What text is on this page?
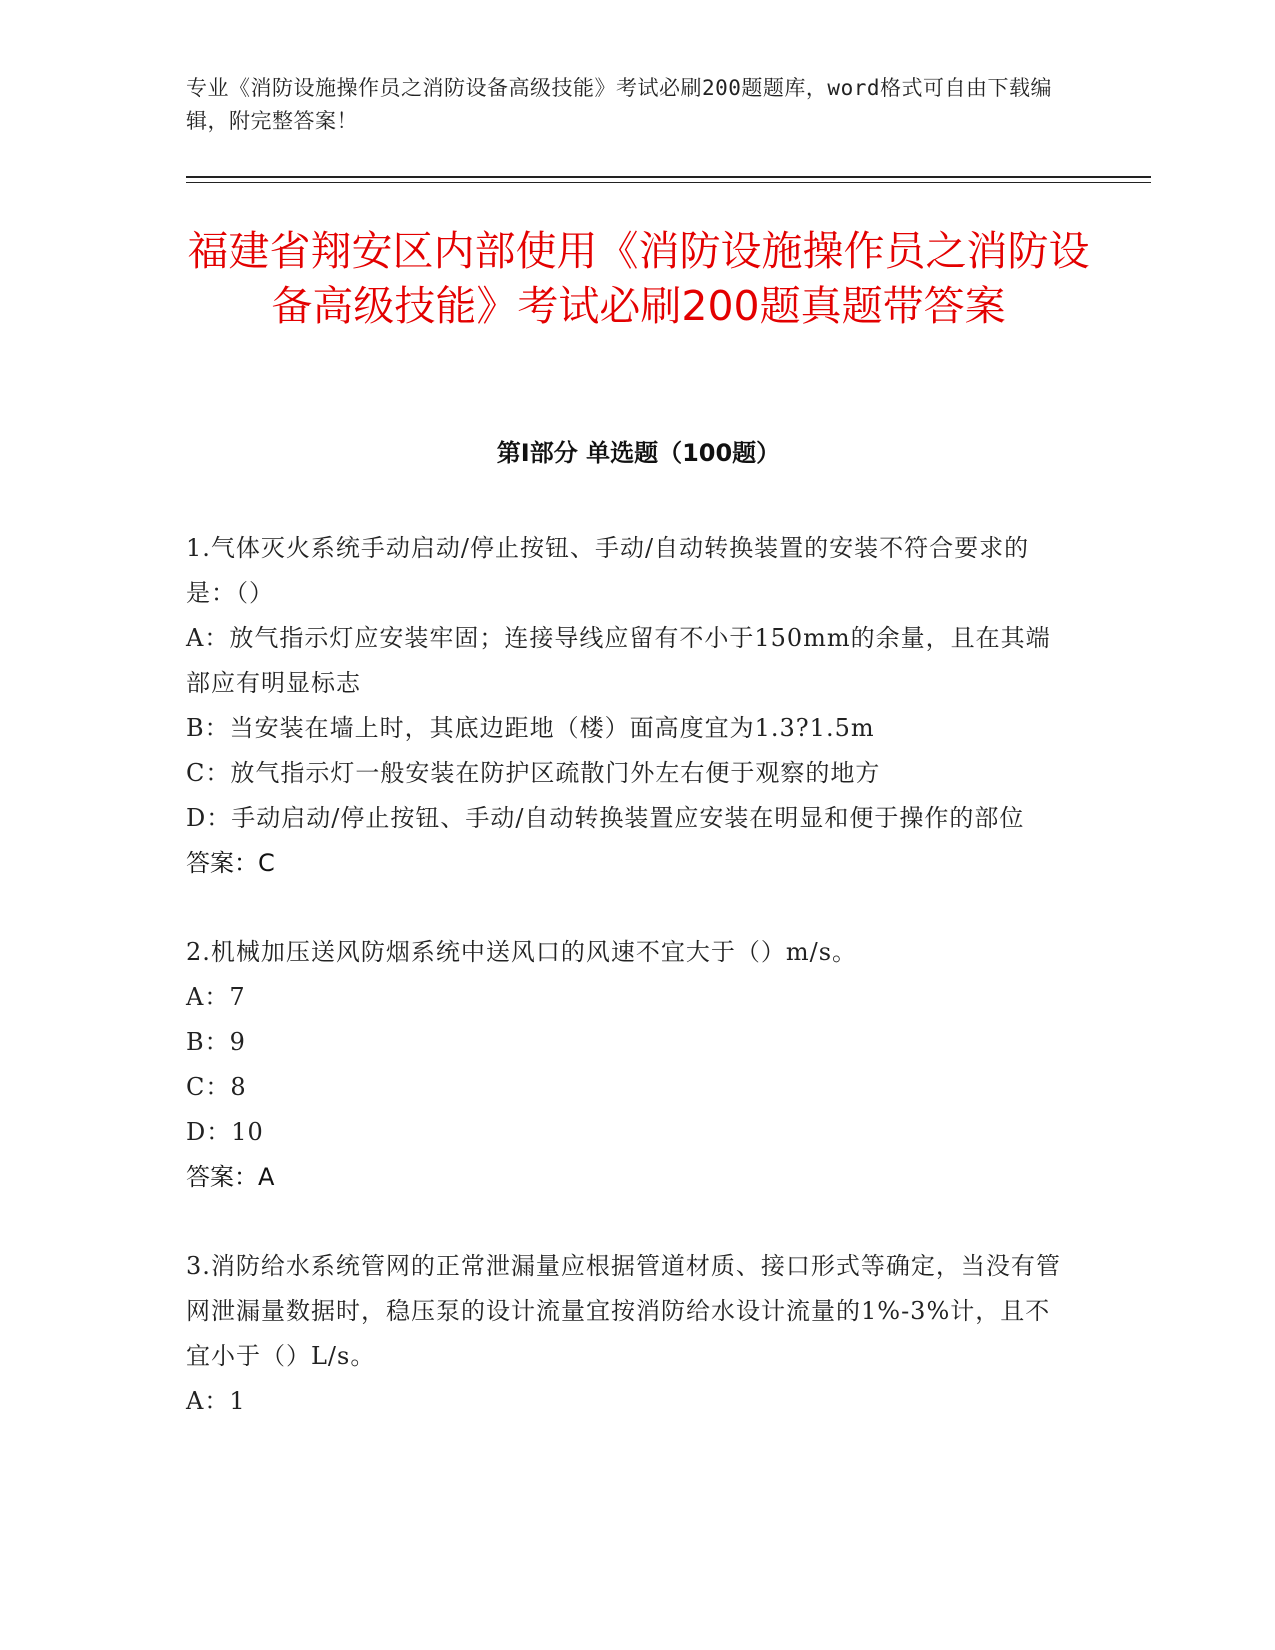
专业《消防设施操作员之消防设备高级技能》考试必刷200题题库，word格式可自由下载编辑，附完整答案！
福建省翔安区内部使用《消防设施操作员之消防设备高级技能》考试必刷200题真题带答案
第I部分 单选题（100题）

1.气体灭火系统手动启动/停止按钮、手动/自动转换装置的安装不符合要求的是：（）

A：放气指示灯应安装牢固；连接导线应留有不小于150mm的余量，且在其端部应有明显标志

B：当安装在墙上时，其底边距地（楼）面高度宜为1.3?1.5m

C：放气指示灯一般安装在防护区疏散门外左右便于观察的地方

D：手动启动/停止按钮、手动/自动转换装置应安装在明显和便于操作的部位

答案：C

2.机械加压送风防烟系统中送风口的风速不宜大于（）m/s。

A：7

B：9

C：8

D：10

答案：A

3.消防给水系统管网的正常泄漏量应根据管道材质、接口形式等确定，当没有管网泄漏量数据时，稳压泵的设计流量宜按消防给水设计流量的1%-3%计，且不宜小于（）L/s。

A：1
